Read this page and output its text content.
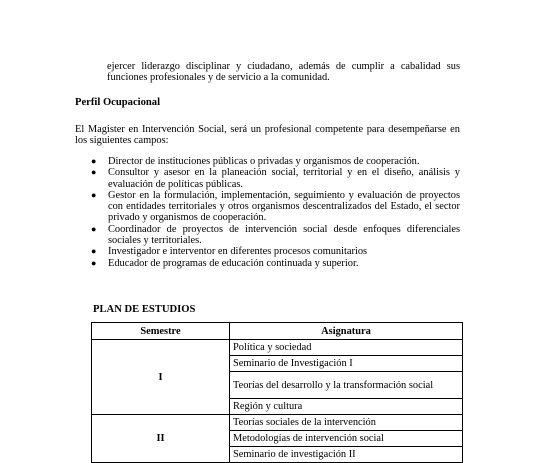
ejercer liderazgo disciplinar y ciudadano, además de cumplir a cabalidad sus funciones profesionales y de servicio a la comunidad.

Perfil Ocupacional

El Magister en Intervención Social, será un profesional competente para desempeñarse en los siguientes campos:

● Director de instituciones públicas o privadas y organismos de cooperación.
● Consultor y asesor en la planeación social, territorial y en el diseño, análisis y evaluación de políticas públicas.
● Gestor en la formulación, implementación, seguimiento y evaluación de proyectos con entidades territoriales y otros organismos descentralizados del Estado, el sector privado y organismos de cooperación.
● Coordinador de proyectos de intervención social desde enfoques diferenciales sociales y territoriales.
● Investigador e interventor en diferentes procesos comunitarios
● Educador de programas de educación continuada y superior.

PLAN DE ESTUDIOS

Semestre	Asignatura
I	Política y sociedad
	Seminario de Investigación I
	Teorías del desarrollo y la transformación social
	Región y cultura
II	Teorías sociales de la intervención
	Metodologías de intervención social
	Seminario de investigación II
